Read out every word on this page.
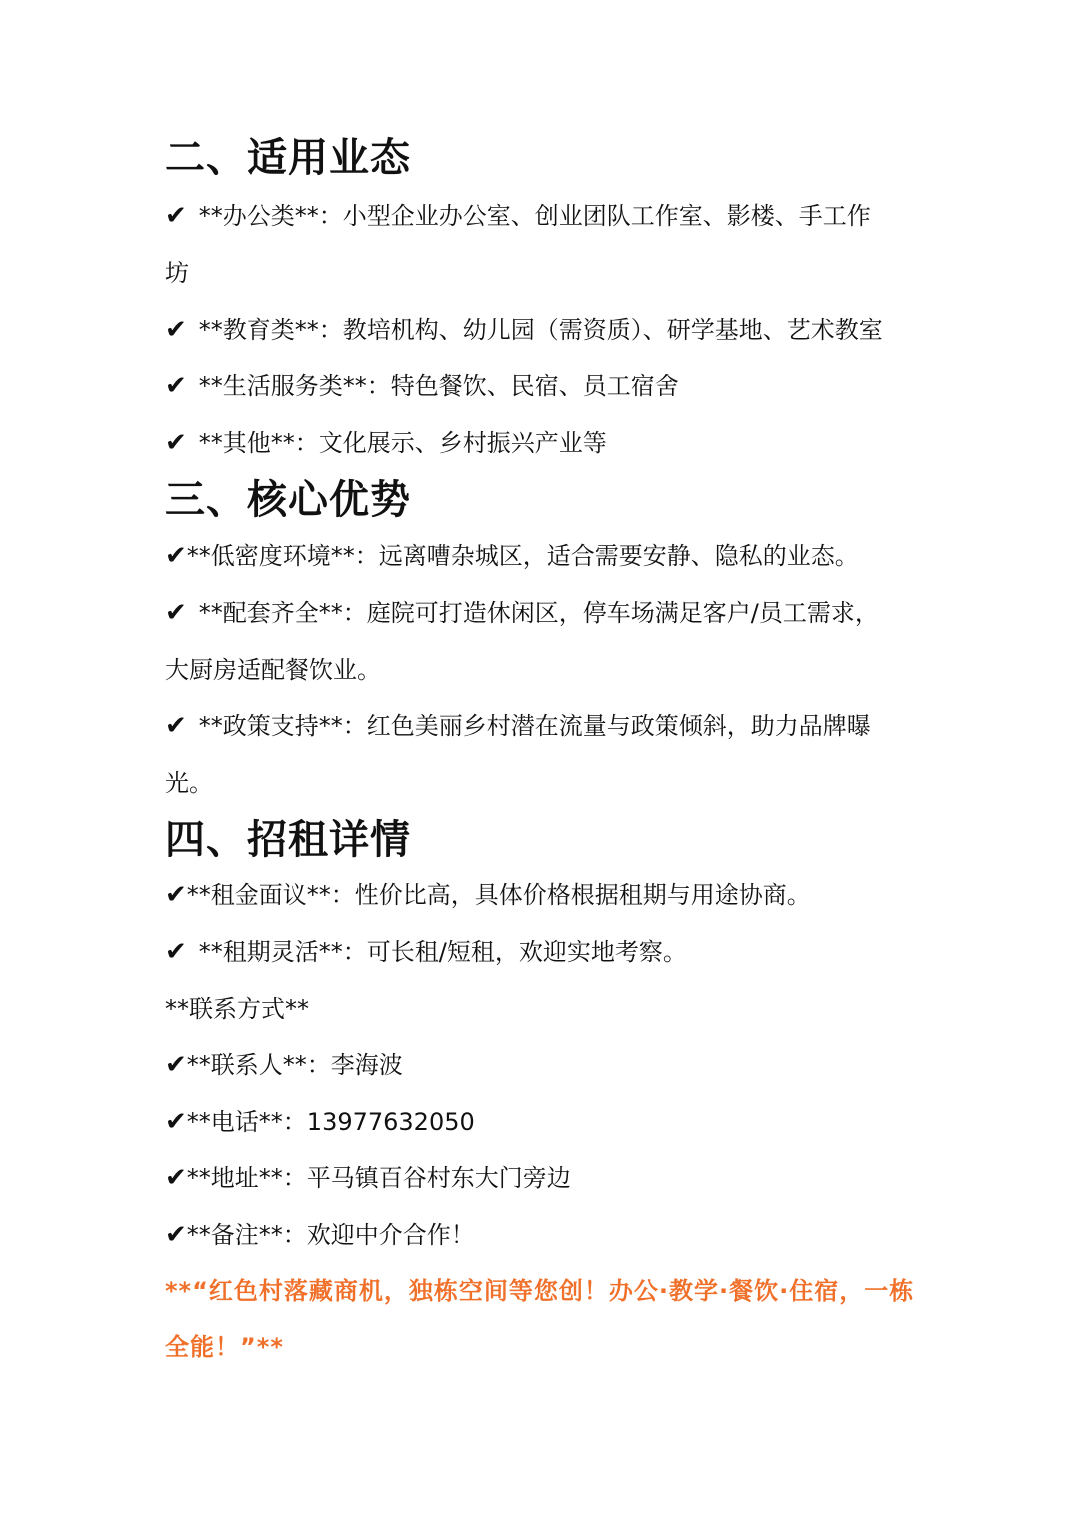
二、适用业态
✔ **办公类**：小型企业办公室、创业团队工作室、影楼、手工作
坊
✔ **教育类**：教培机构、幼儿园（需资质）、研学基地、艺术教室
✔ **生活服务类**：特色餐饮、民宿、员工宿舍
✔ **其他**：文化展示、乡村振兴产业等
三、核心优势
✔**低密度环境**：远离嘈杂城区，适合需要安静、隐私的业态。
✔ **配套齐全**：庭院可打造休闲区，停车场满足客户/员工需求，
大厨房适配餐饮业。
✔ **政策支持**：红色美丽乡村潜在流量与政策倾斜，助力品牌曝
光。
四、招租详情
✔**租金面议**：性价比高，具体价格根据租期与用途协商。
✔ **租期灵活**：可长租/短租，欢迎实地考察。
**联系方式**
✔**联系人**：李海波
✔**电话**：13977632050
✔**地址**：平马镇百谷村东大门旁边
✔**备注**：欢迎中介合作！
**“红色村落藏商机，独栋空间等您创！办公·教学·餐饮·住宿，一栋
全能！”**
